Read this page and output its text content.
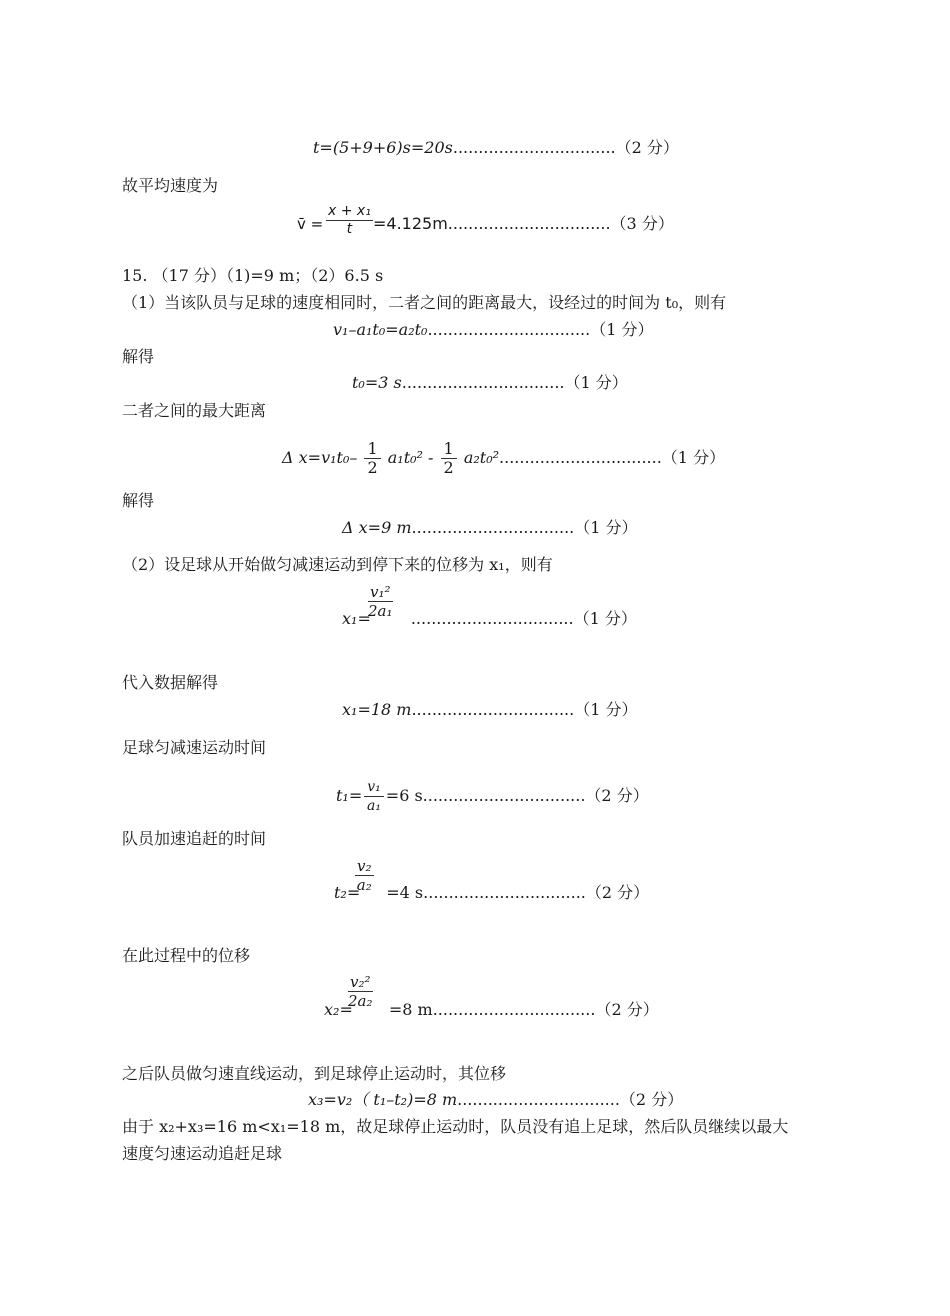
t=(5+9+6)s=20s................................（2 分）
故平均速度为
v̄ = $\frac{\text{x + x₁}}{t} =4.125m................................(3$ 分）
15. （17 分）（1)=9 m；（2）6.5 s
（1）当该队员与足球的速度相同时，二者之间的距离最大，设经过的时间为 t₀，则有
v₁–a₁t₀=a₂t₀................................（1 分）
解得
t₀=3 s................................（1 分）
二者之间的最大距离
Δ $x=v_1t_0- \frac{1}{2} a_1t_0^2 - \frac{1}{2} a_2t_0^2................................(1$ 分）
解得
Δ x=9 m................................（1 分）
（2）设足球从开始做匀减速运动到停下来的位移为 x₁，则有
$\frac{\text{v₁²}}{\text{2a₁}}$
x₁=	................................（1 分）
代入数据解得
x₁=18 m................................（1 分）
足球匀减速运动时间
$t_1= \frac{\text{v₁}}{\text{a₁}} =6$ s................................（2 分）
队员加速追赶的时间
$\frac{\text{v₂}}{\text{a₂}}$
t₂= =4 s................................（2 分）
在此过程中的位移
$\frac{\text{v₂²}}{\text{2a₂}}$
x₂= =8 m................................（2 分）
之后队员做匀速直线运动，到足球停止运动时，其位移
x₃=v₂（ t₁–t₂)=8 m................................（2 分）
由于 x₂+x₃=16 m<x₁=18 m，故足球停止运动时，队员没有追上足球，然后队员继续以最大
速度匀速运动追赶足球
